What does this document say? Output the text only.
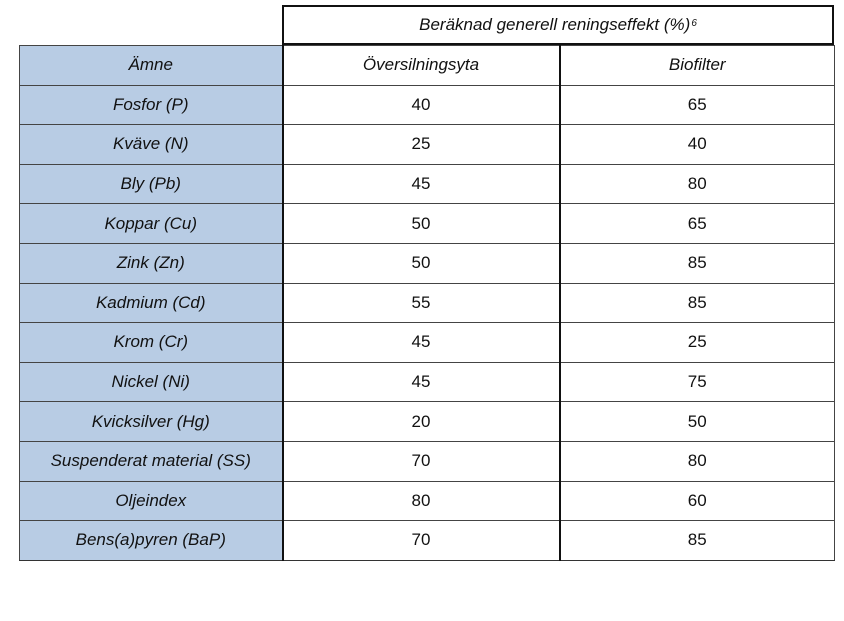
Beräknad generell reningseffekt (%)$^6$
Ämne	Översilningsyta	Biofilter
Fosfor (P)	40	65
Kväve (N)	25	40
Bly (Pb)	45	80
Koppar (Cu)	50	65
Zink (Zn)	50	85
Kadmium (Cd)	55	85
Krom (Cr)	45	25
Nickel (Ni)	45	75
Kvicksilver (Hg)	20	50
Suspenderat material (SS)	70	80
Oljeindex	80	60
Bens(a)pyren (BaP)	70	85
